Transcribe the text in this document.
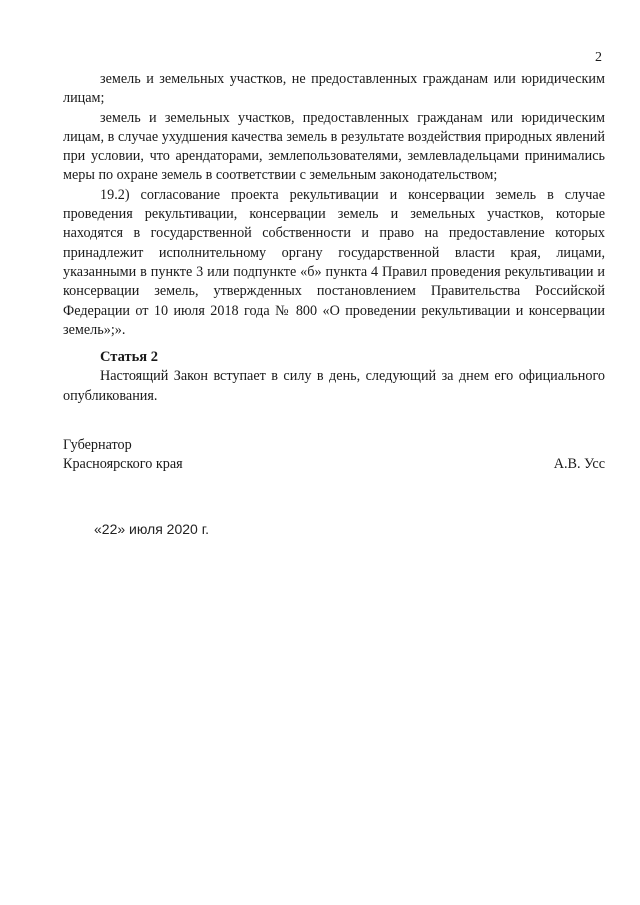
2

земель и земельных участков, не предоставленных гражданам или юридическим лицам;

земель и земельных участков, предоставленных гражданам или юридическим лицам, в случае ухудшения качества земель в результате воздействия природных явлений при условии, что арендаторами, землепользователями, землевладельцами принимались меры по охране земель в соответствии с земельным законодательством;

19.2) согласование проекта рекультивации и консервации земель в случае проведения рекультивации, консервации земель и земельных участков, которые находятся в государственной собственности и право на предоставление которых принадлежит исполнительному органу государственной власти края, лицами, указанными в пункте 3 или подпункте «б» пункта 4 Правил проведения рекультивации и консервации земель, утвержденных постановлением Правительства Российской Федерации от 10 июля 2018 года № 800 «О проведении рекультивации и консервации земель»;».

Статья 2

Настоящий Закон вступает в силу в день, следующий за днем его официального опубликования.

Губернатор
Красноярского края	А.В. Усс
«22» июля 2020 г.
